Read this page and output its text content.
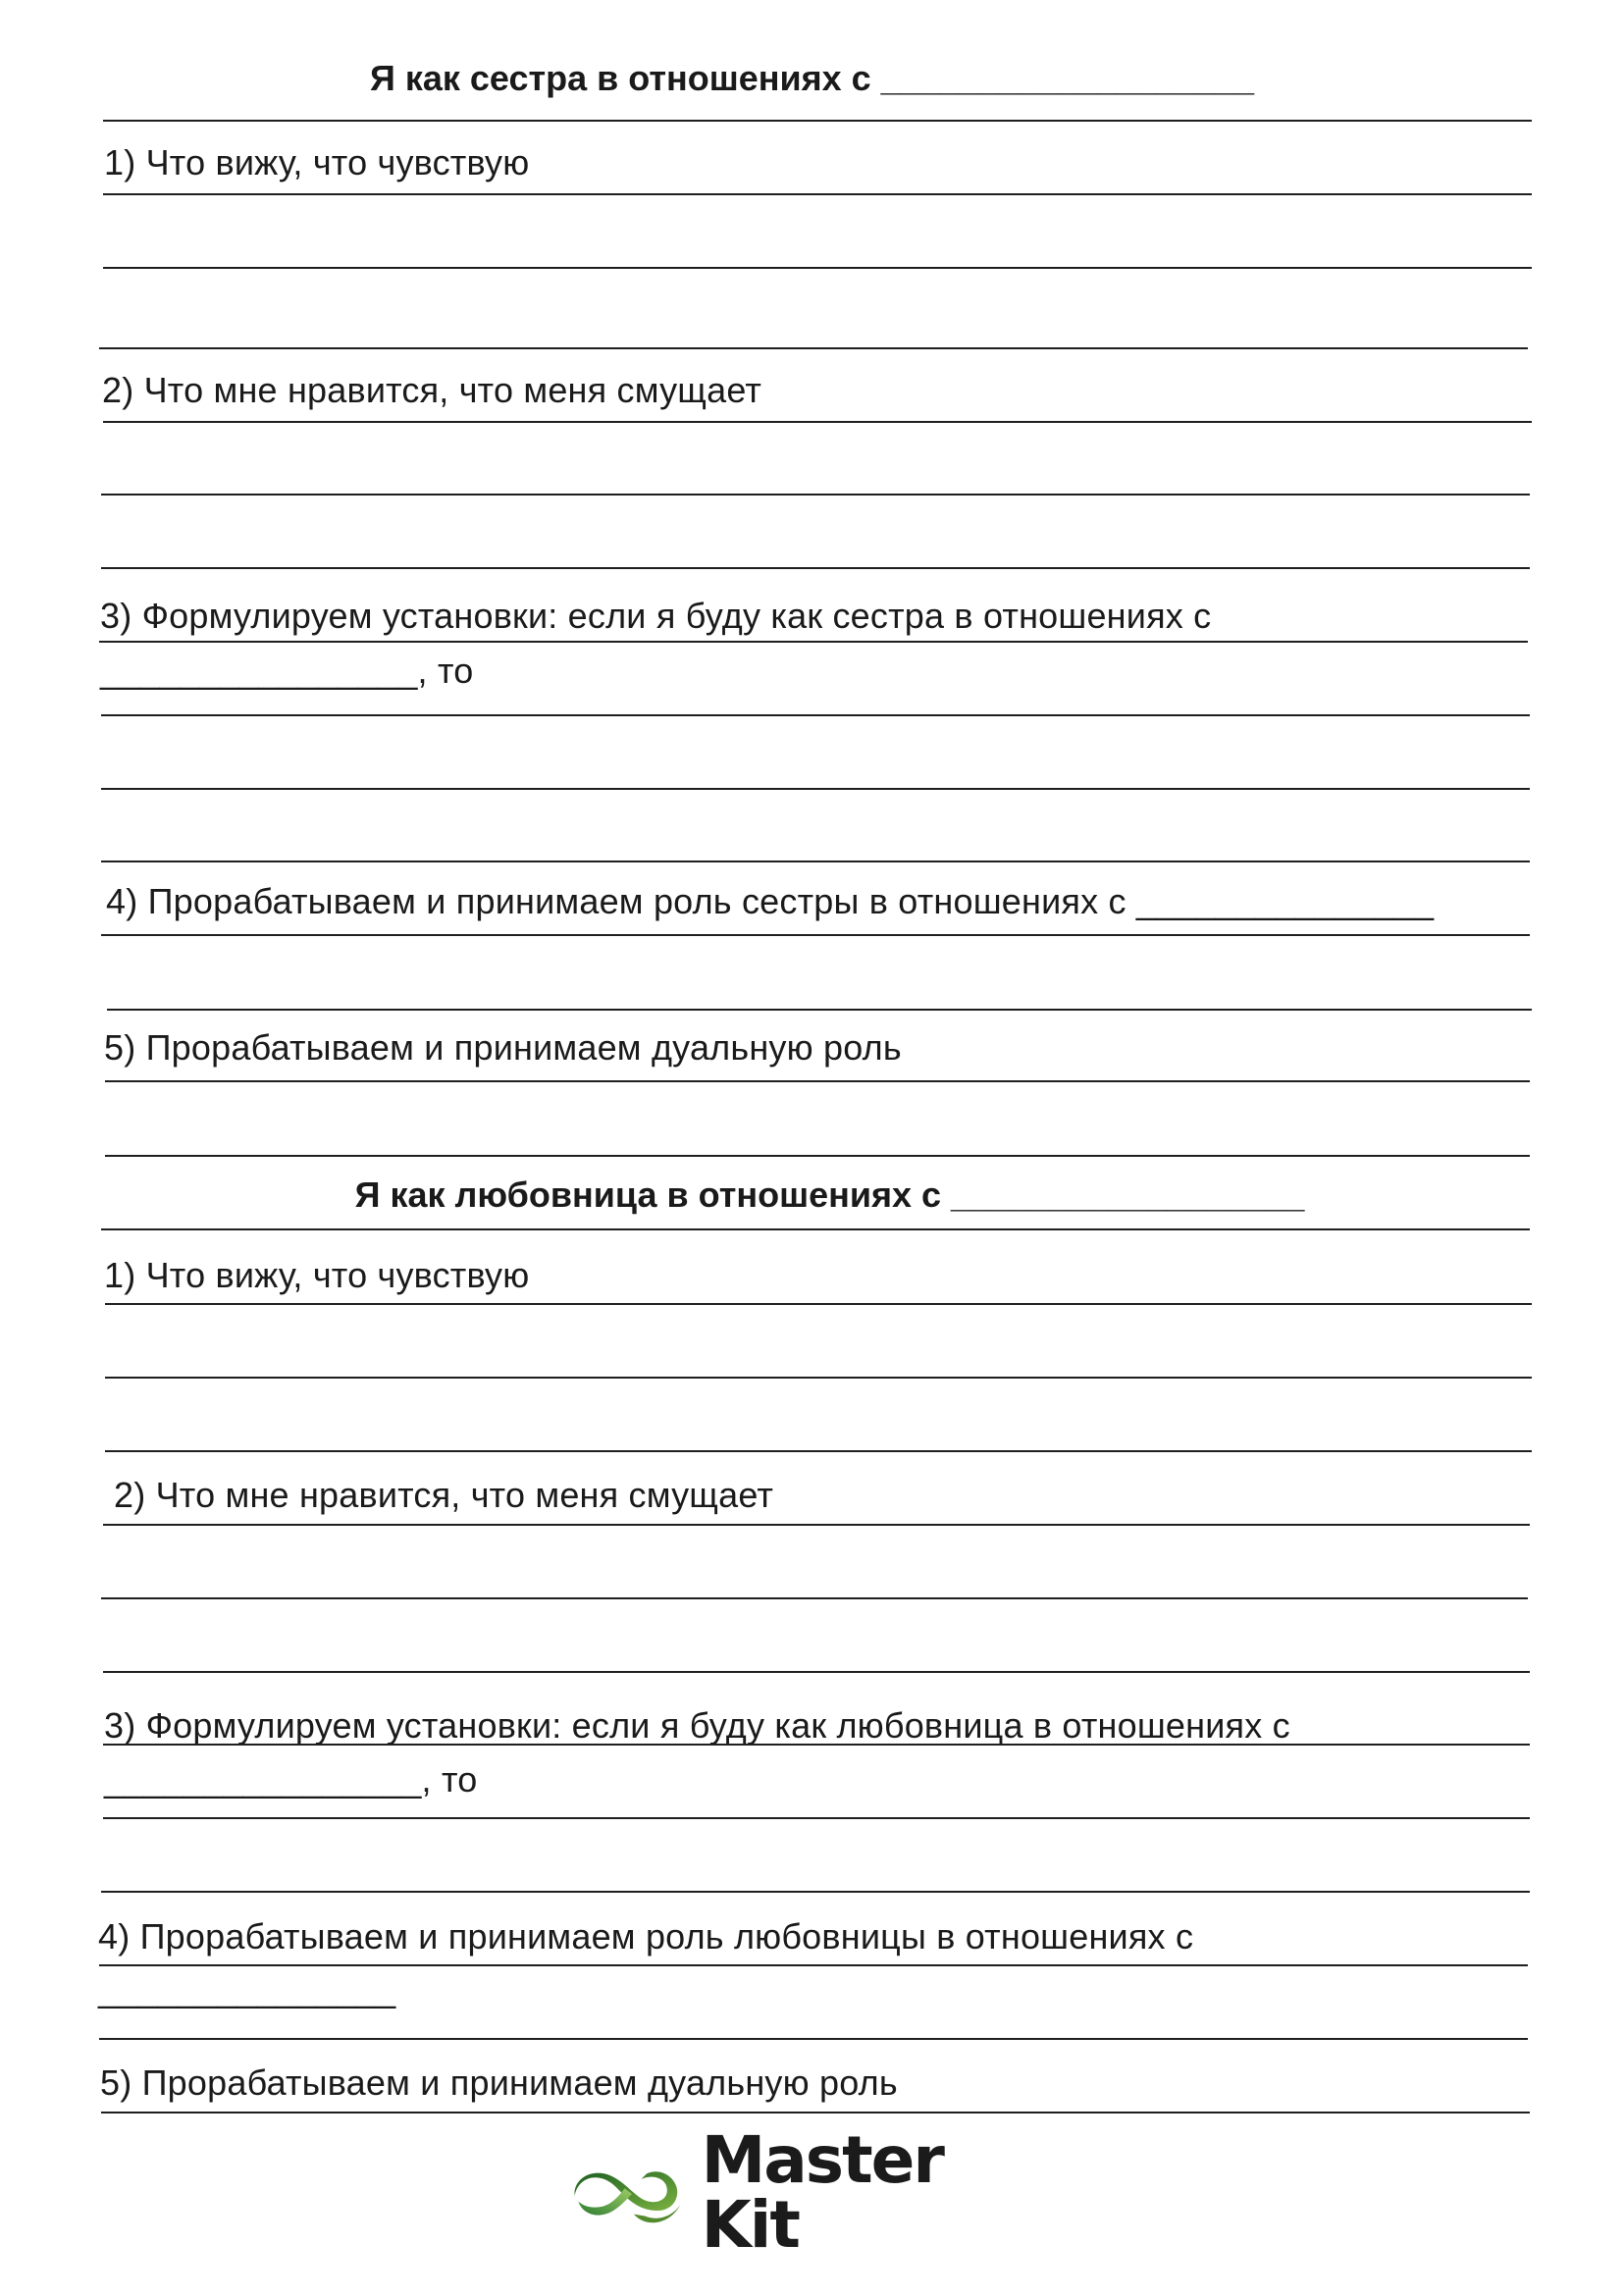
Я как сестра в отношениях с ___________________
1) Что вижу, что чувствую
2) Что мне нравится, что меня смущает
3) Формулируем установки: если я буду как сестра в отношениях с
________________, то
4) Прорабатываем и принимаем роль сестры в отношениях с _______________
5) Прорабатываем и принимаем дуальную роль
Я как любовница в отношениях с __________________
1) Что вижу, что чувствую
2) Что мне нравится, что меня смущает
3) Формулируем установки: если я буду как любовница в отношениях с
________________, то
4) Прорабатываем и принимаем роль любовницы в отношениях с
_______________
5) Прорабатываем и принимаем дуальную роль
Master Kit
